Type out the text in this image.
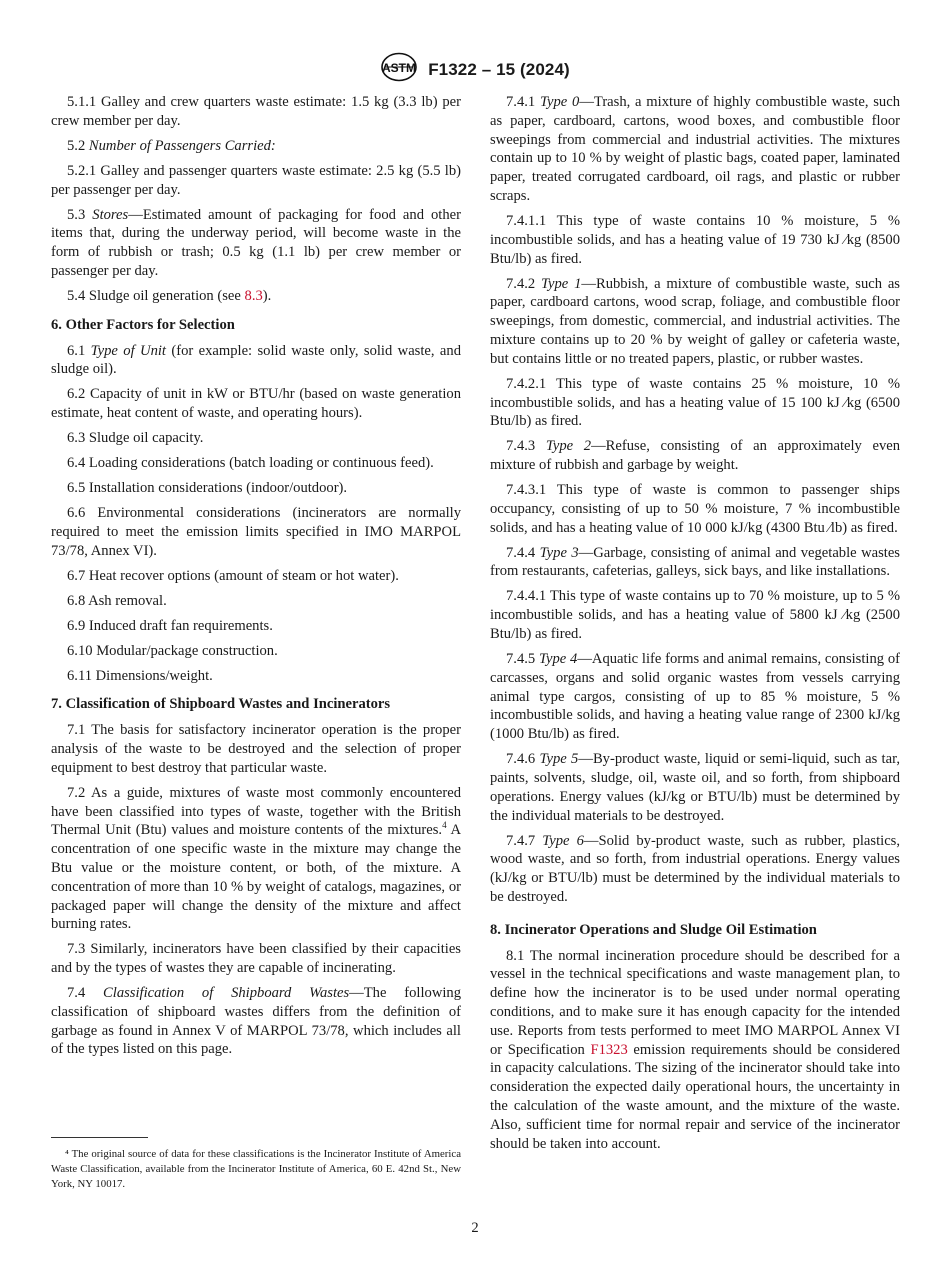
ASTM F1322 – 15 (2024)

5.1.1 Galley and crew quarters waste estimate: 1.5 kg (3.3 lb) per crew member per day.

5.2 Number of Passengers Carried:

5.2.1 Galley and passenger quarters waste estimate: 2.5 kg (5.5 lb) per passenger per day.

5.3 Stores—Estimated amount of packaging for food and other items that, during the underway period, will become waste in the form of rubbish or trash; 0.5 kg (1.1 lb) per crew member or passenger per day.

5.4 Sludge oil generation (see 8.3).

6. Other Factors for Selection

6.1 Type of Unit (for example: solid waste only, solid waste, and sludge oil).

6.2 Capacity of unit in kW or BTU/hr (based on waste generation estimate, heat content of waste, and operating hours).

6.3 Sludge oil capacity.

6.4 Loading considerations (batch loading or continuous feed).

6.5 Installation considerations (indoor/outdoor).

6.6 Environmental considerations (incinerators are normally required to meet the emission limits specified in IMO MARPOL 73/78, Annex VI).

6.7 Heat recover options (amount of steam or hot water).

6.8 Ash removal.

6.9 Induced draft fan requirements.

6.10 Modular/package construction.

6.11 Dimensions/weight.

7. Classification of Shipboard Wastes and Incinerators

7.1 The basis for satisfactory incinerator operation is the proper analysis of the waste to be destroyed and the selection of proper equipment to best destroy that particular waste.

7.2 As a guide, mixtures of waste most commonly encountered have been classified into types of waste, together with the British Thermal Unit (Btu) values and moisture contents of the mixtures.$^4$ A concentration of one specific waste in the mixture may change the Btu value or the moisture content, or both, of the mixture. A concentration of more than 10 % by weight of catalogs, magazines, or packaged paper will change the density of the mixture and affect burning rates.

7.3 Similarly, incinerators have been classified by their capacities and by the types of wastes they are capable of incinerating.

7.4 Classification of Shipboard Wastes—The following classification of shipboard wastes differs from the definition of garbage as found in Annex V of MARPOL 73/78, which includes all of the types listed on this page.

⁴ The original source of data for these classifications is the Incinerator Institute of America Waste Classification, available from the Incinerator Institute of America, 60 E. 42nd St., New York, NY 10017.

7.4.1 Type 0—Trash, a mixture of highly combustible waste, such as paper, cardboard, cartons, wood boxes, and combustible floor sweepings from commercial and industrial activities. The mixtures contain up to 10 % by weight of plastic bags, coated paper, laminated paper, treated corrugated cardboard, oil rags, and plastic or rubber scraps.

7.4.1.1 This type of waste contains 10 % moisture, 5 % incombustible solids, and has a heating value of 19 730 kJ ⁄kg (8500 Btu/lb) as fired.

7.4.2 Type 1—Rubbish, a mixture of combustible waste, such as paper, cardboard cartons, wood scrap, foliage, and combustible floor sweepings, from domestic, commercial, and industrial activities. The mixture contains up to 20 % by weight of galley or cafeteria waste, but contains little or no treated papers, plastic, or rubber wastes.

7.4.2.1 This type of waste contains 25 % moisture, 10 % incombustible solids, and has a heating value of 15 100 kJ ⁄kg (6500 Btu/lb) as fired.

7.4.3 Type 2—Refuse, consisting of an approximately even mixture of rubbish and garbage by weight.

7.4.3.1 This type of waste is common to passenger ships occupancy, consisting of up to 50 % moisture, 7 % incombustible solids, and has a heating value of 10 000 kJ/kg (4300 Btu ⁄lb) as fired.

7.4.4 Type 3—Garbage, consisting of animal and vegetable wastes from restaurants, cafeterias, galleys, sick bays, and like installations.

7.4.4.1 This type of waste contains up to 70 % moisture, up to 5 % incombustible solids, and has a heating value of 5800 kJ ⁄kg (2500 Btu/lb) as fired.

7.4.5 Type 4—Aquatic life forms and animal remains, consisting of carcasses, organs and solid organic wastes from vessels carrying animal type cargos, consisting of up to 85 % moisture, 5 % incombustible solids, and having a heating value range of 2300 kJ/kg (1000 Btu/lb) as fired.

7.4.6 Type 5—By-product waste, liquid or semi-liquid, such as tar, paints, solvents, sludge, oil, waste oil, and so forth, from shipboard operations. Energy values (kJ/kg or BTU/lb) must be determined by the individual materials to be destroyed.

7.4.7 Type 6—Solid by-product waste, such as rubber, plastics, wood waste, and so forth, from industrial operations. Energy values (kJ/kg or BTU/lb) must be determined by the individual materials to be destroyed.

8. Incinerator Operations and Sludge Oil Estimation

8.1 The normal incineration procedure should be described for a vessel in the technical specifications and waste management plan, to define how the incinerator is to be used under normal operating conditions, and to make sure it has enough capacity for the intended use. Reports from tests performed to meet IMO MARPOL Annex VI or Specification F1323 emission requirements should be considered in capacity calculations. The sizing of the incinerator should take into consideration the expected daily operational hours, the uncertainty in the calculation of the waste amount, and the mixture of the waste. Also, sufficient time for normal repair and service of the incinerator should be taken into account.

2
